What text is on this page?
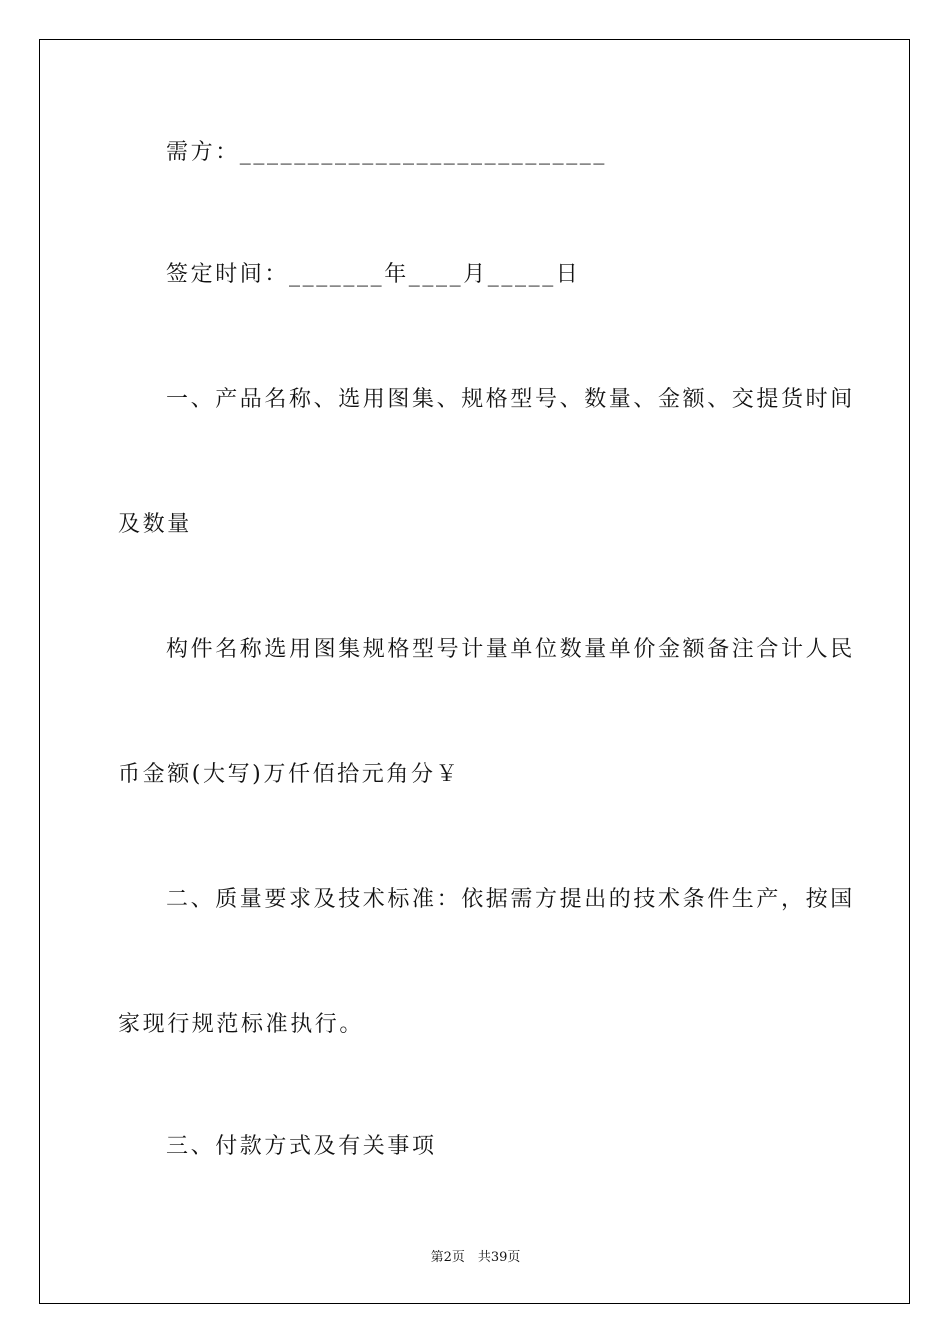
需方：___________________________

签定时间：_______年____月_____日

一、产品名称、选用图集、规格型号、数量、金额、交提货时间

及数量

构件名称选用图集规格型号计量单位数量单价金额备注合计人民

币金额(大写)万仟佰拾元角分￥

二、质量要求及技术标准：依据需方提出的技术条件生产，按国

家现行规范标准执行。

三、付款方式及有关事项

第2页　共39页
